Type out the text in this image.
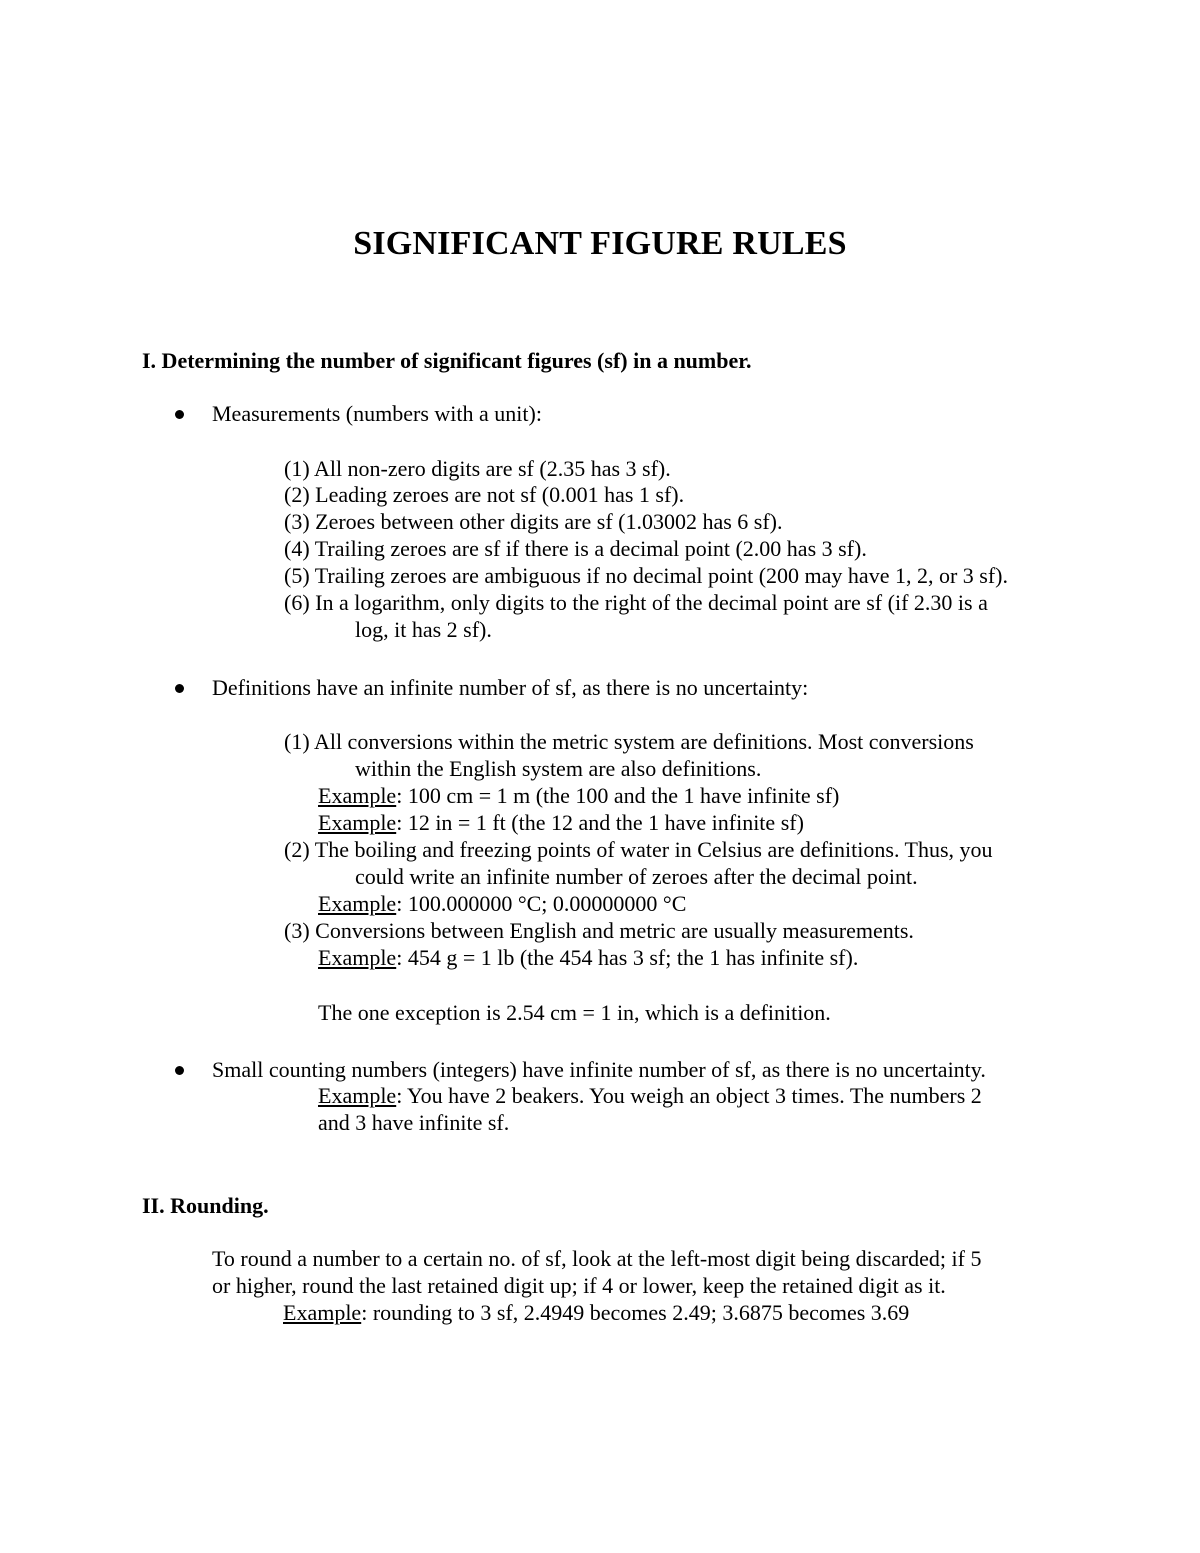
SIGNIFICANT FIGURE RULES
I. Determining the number of significant figures (sf) in a number.
Measurements (numbers with a unit):
(1) All non-zero digits are sf (2.35 has 3 sf).
(2) Leading zeroes are not sf (0.001 has 1 sf).
(3) Zeroes between other digits are sf (1.03002 has 6 sf).
(4) Trailing zeroes are sf if there is a decimal point (2.00 has 3 sf).
(5) Trailing zeroes are ambiguous if no decimal point (200 may have 1, 2, or 3 sf).
(6) In a logarithm, only digits to the right of the decimal point are sf (if 2.30 is a
log, it has 2 sf).
Definitions have an infinite number of sf, as there is no uncertainty:
(1) All conversions within the metric system are definitions. Most conversions
within the English system are also definitions.
Example: 100 cm = 1 m (the 100 and the 1 have infinite sf)
Example: 12 in = 1 ft (the 12 and the 1 have infinite sf)
(2) The boiling and freezing points of water in Celsius are definitions. Thus, you
could write an infinite number of zeroes after the decimal point.
Example: 100.000000 °C; 0.00000000 °C
(3) Conversions between English and metric are usually measurements.
Example: 454 g = 1 lb (the 454 has 3 sf; the 1 has infinite sf).
The one exception is 2.54 cm = 1 in, which is a definition.
Small counting numbers (integers) have infinite number of sf, as there is no uncertainty.
Example: You have 2 beakers. You weigh an object 3 times. The numbers 2
and 3 have infinite sf.
II. Rounding.
To round a number to a certain no. of sf, look at the left-most digit being discarded; if 5
or higher, round the last retained digit up; if 4 or lower, keep the retained digit as it.
Example: rounding to 3 sf, 2.4949 becomes 2.49; 3.6875 becomes 3.69
